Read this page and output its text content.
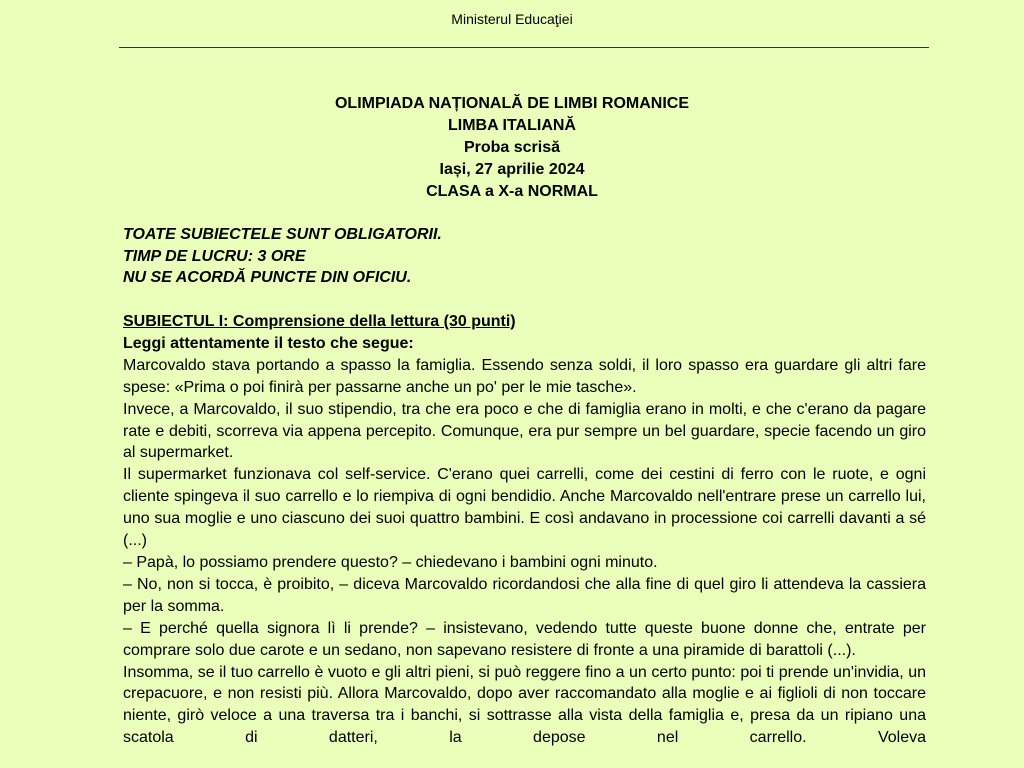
Ministerul Educaţiei
OLIMPIADA NAȚIONALĂ DE LIMBI ROMANICE
LIMBA ITALIANĂ
Proba scrisă
Iași, 27 aprilie 2024
CLASA a X-a NORMAL
TOATE SUBIECTELE SUNT OBLIGATORII.
TIMP DE LUCRU: 3 ORE
NU SE ACORDĂ PUNCTE DIN OFICIU.
SUBIECTUL I: Comprensione della lettura (30 punti)
Leggi attentamente il testo che segue:

Marcovaldo stava portando a spasso la famiglia. Essendo senza soldi, il loro spasso era guardare gli altri fare spese: «Prima o poi finirà per passarne anche un po' per le mie tasche».

Invece, a Marcovaldo, il suo stipendio, tra che era poco e che di famiglia erano in molti, e che c'erano da pagare rate e debiti, scorreva via appena percepito. Comunque, era pur sempre un bel guardare, specie facendo un giro al supermarket.

Il supermarket funzionava col self-service. C'erano quei carrelli, come dei cestini di ferro con le ruote, e ogni cliente spingeva il suo carrello e lo riempiva di ogni bendidio. Anche Marcovaldo nell'entrare prese un carrello lui, uno sua moglie e uno ciascuno dei suoi quattro bambini. E così andavano in processione coi carrelli davanti a sé (...)

– Papà, lo possiamo prendere questo? – chiedevano i bambini ogni minuto.

– No, non si tocca, è proibito, – diceva Marcovaldo ricordandosi che alla fine di quel giro li attendeva la cassiera per la somma.

– E perché quella signora lì li prende? – insistevano, vedendo tutte queste buone donne che, entrate per comprare solo due carote e un sedano, non sapevano resistere di fronte a una piramide di barattoli (...).

Insomma, se il tuo carrello è vuoto e gli altri pieni, si può reggere fino a un certo punto: poi ti prende un'invidia, un crepacuore, e non resisti più. Allora Marcovaldo, dopo aver raccomandato alla moglie e ai figlioli di non toccare niente, girò veloce a una traversa tra i banchi, si sottrasse alla vista della famiglia e, presa da un ripiano una scatola di datteri, la depose nel carrello. Voleva
